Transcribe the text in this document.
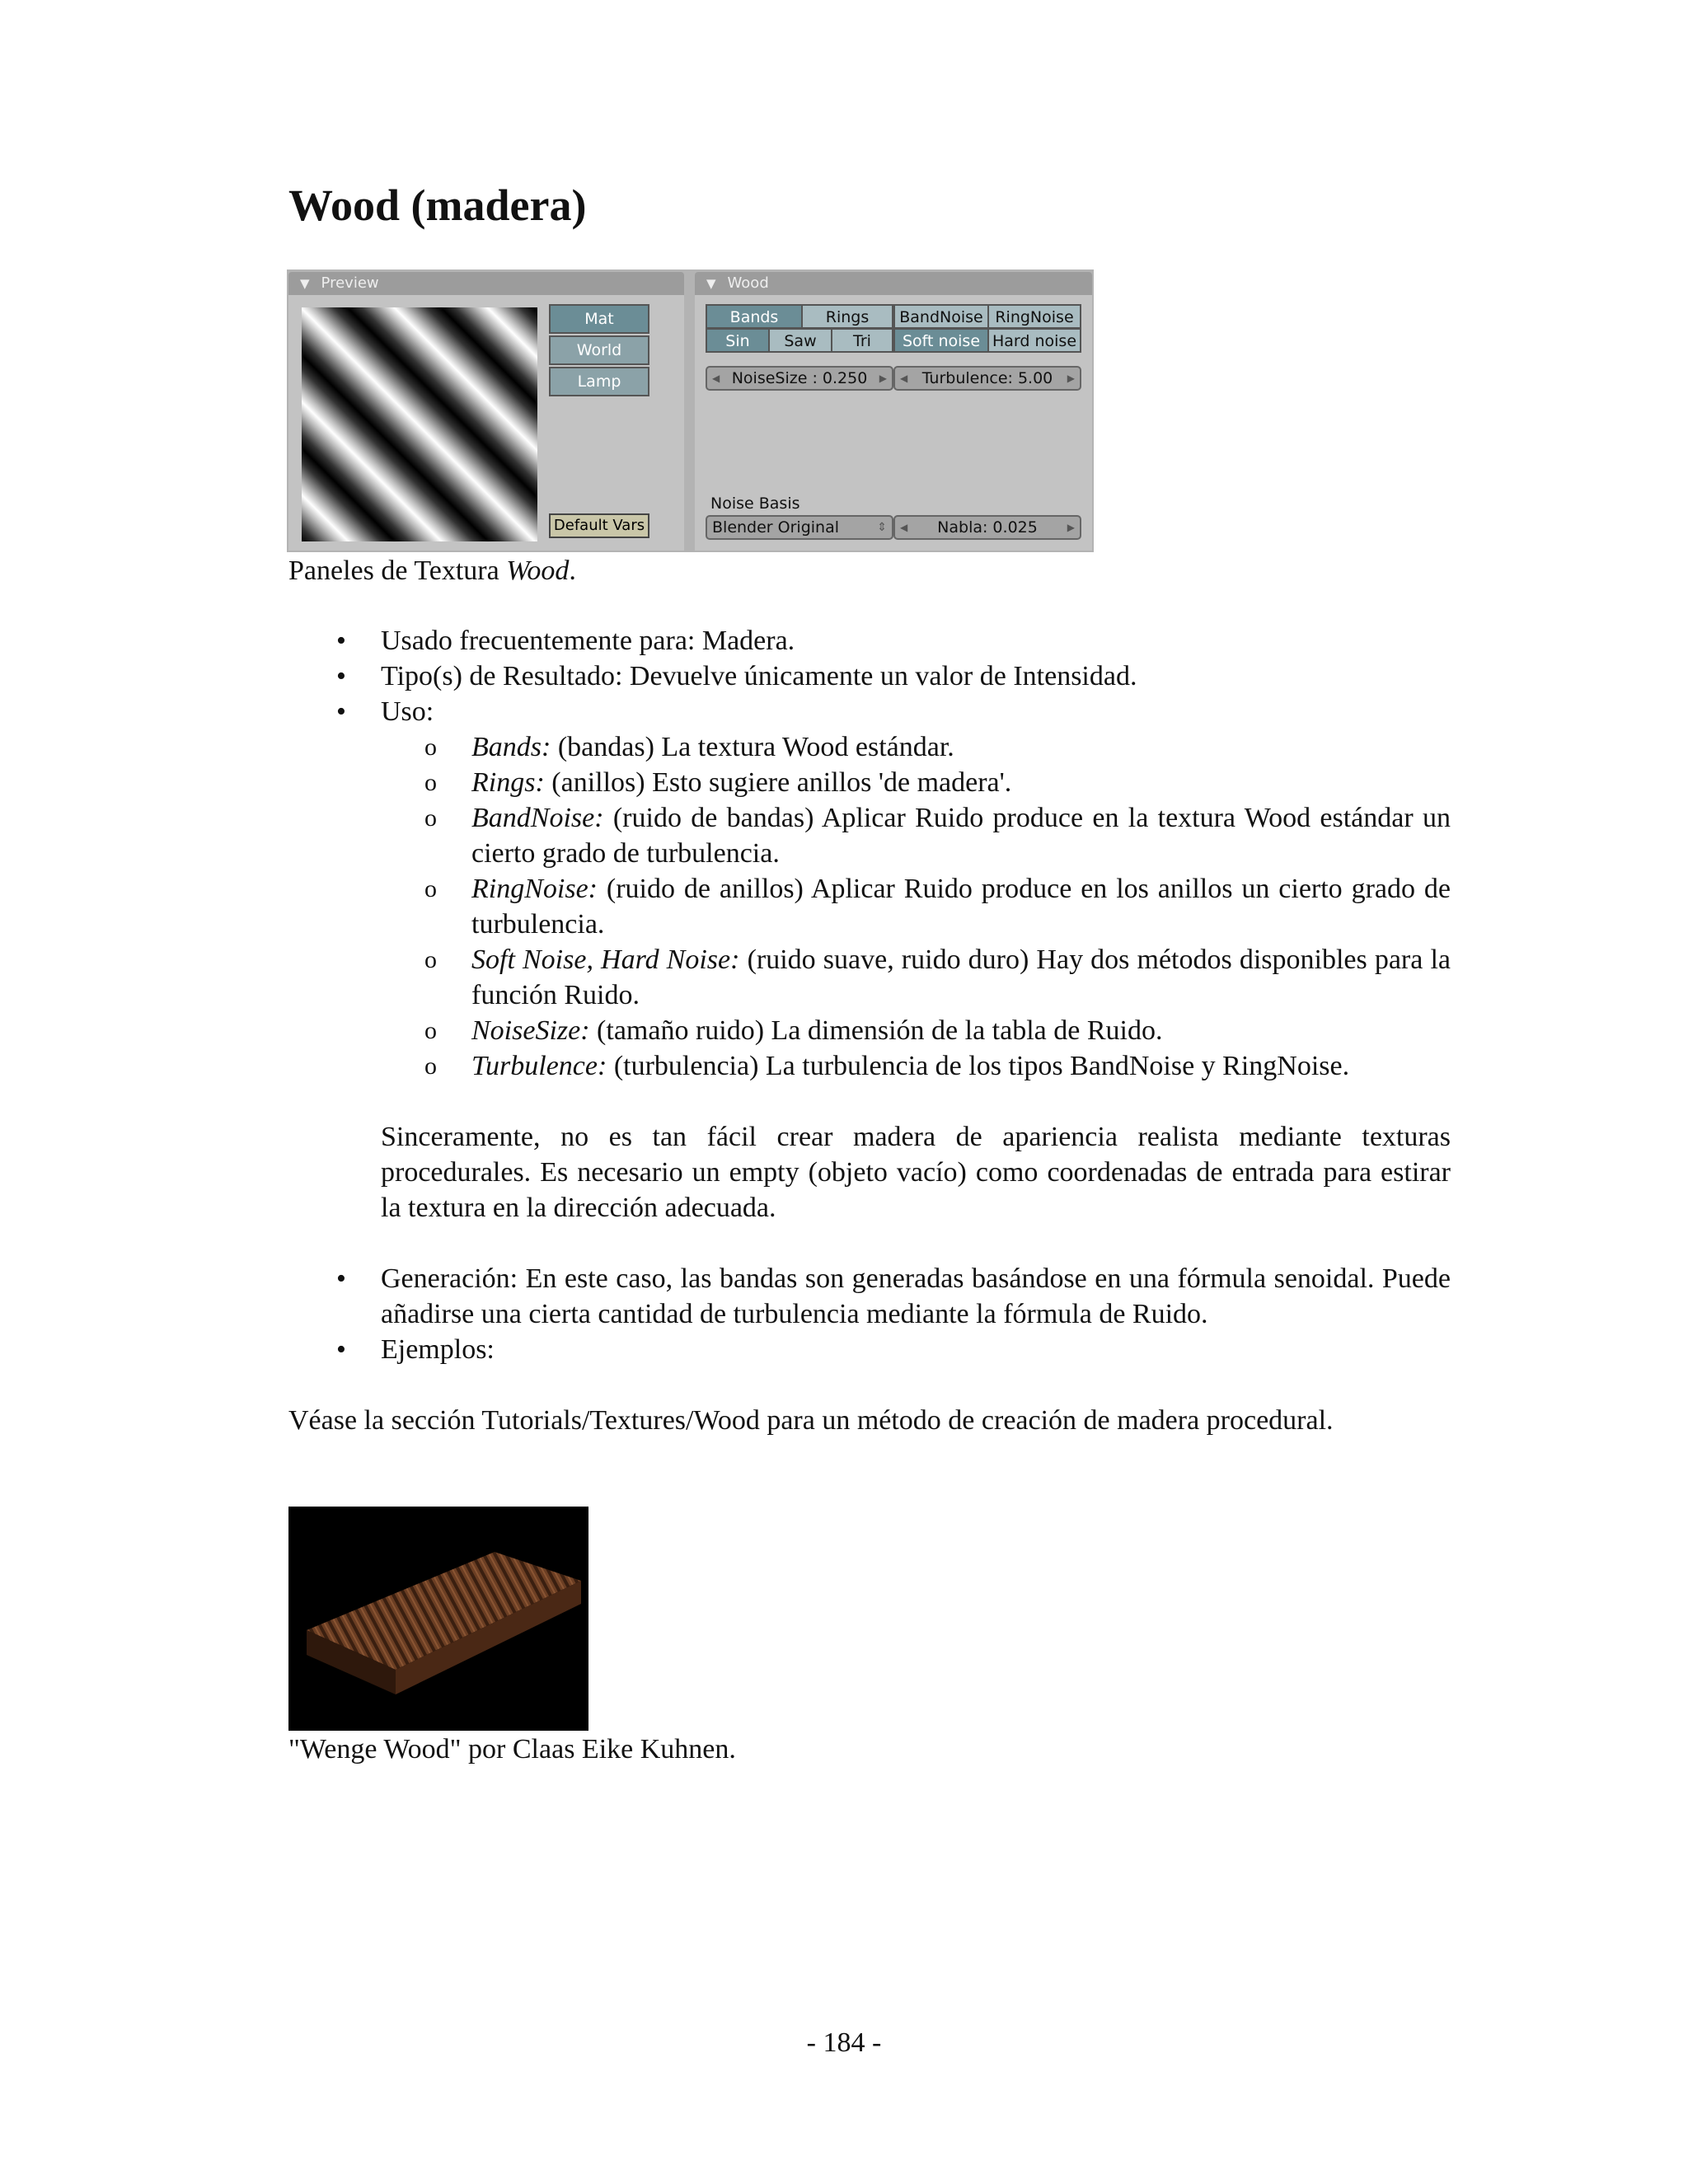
Wood (madera)
▼ Preview
Mat
World
Lamp
Default Vars
▼ Wood
Bands	Rings	BandNoise RingNoise
Sin	Saw	Tri	Soft noise Hard noise
◀ NoiseSize : 0.250 ▶ ◀ Turbulence: 5.00 ▶
Noise Basis
Blender Original	⇕ ◀ Nabla: 0.025	▶
Paneles de Textura Wood.
• Usado frecuentemente para: Madera.
• Tipo(s) de Resultado: Devuelve únicamente un valor de Intensidad.
• Uso:
o Bands: (bandas) La textura Wood estándar.
o Rings: (anillos) Esto sugiere anillos 'de madera'.
o BandNoise: (ruido de bandas) Aplicar Ruido produce en la textura Wood estándar un cierto grado de turbulencia.
o RingNoise: (ruido de anillos) Aplicar Ruido produce en los anillos un cierto grado de turbulencia.
o Soft Noise, Hard Noise: (ruido suave, ruido duro) Hay dos métodos disponibles para la función Ruido.
o NoiseSize: (tamaño ruido) La dimensión de la tabla de Ruido.
o Turbulence: (turbulencia) La turbulencia de los tipos BandNoise y RingNoise.
Sinceramente, no es tan fácil crear madera de apariencia realista mediante texturas procedurales. Es necesario un empty (objeto vacío) como coordenadas de entrada para estirar la textura en la dirección adecuada.
• Generación: En este caso, las bandas son generadas basándose en una fórmula senoidal. Puede añadirse una cierta cantidad de turbulencia mediante la fórmula de Ruido.
• Ejemplos:
Véase la sección Tutorials/Textures/Wood para un método de creación de madera procedural.
"Wenge Wood" por Claas Eike Kuhnen.
- 184 -
